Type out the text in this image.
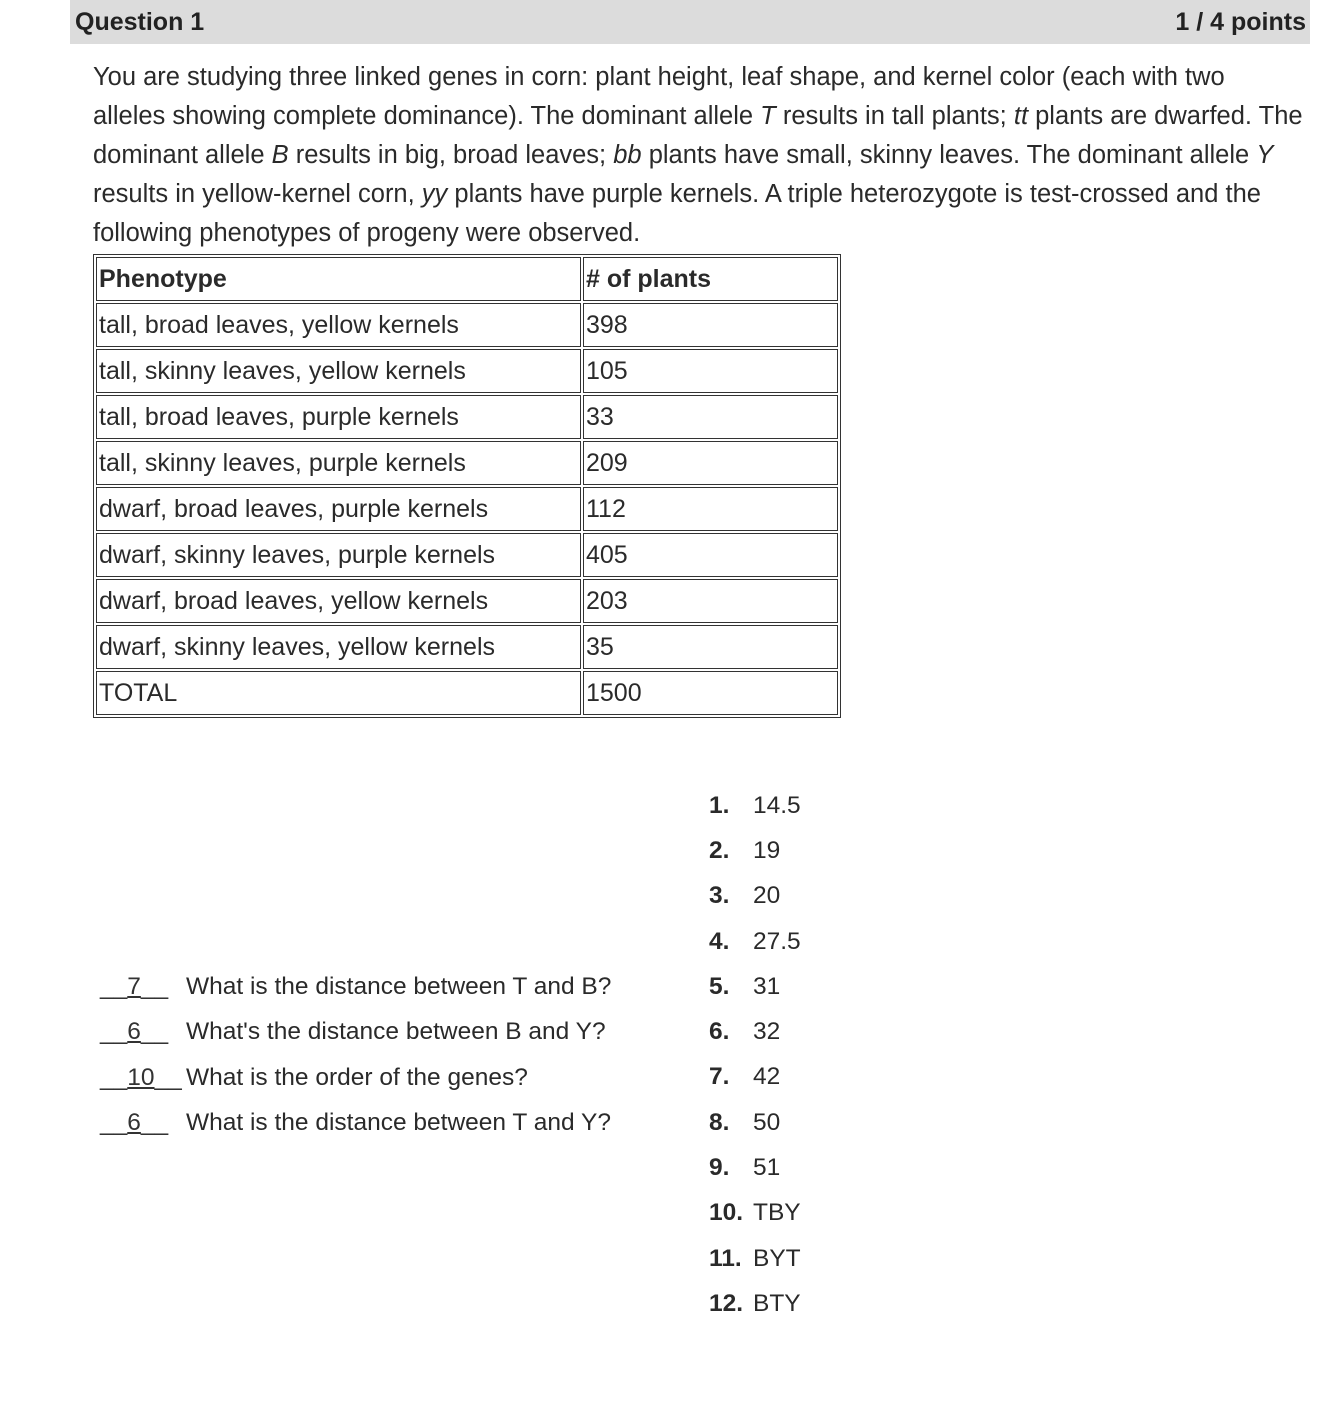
Question 1	1 / 4 points
You are studying three linked genes in corn: plant height, leaf shape, and kernel color (each with two alleles showing complete dominance). The dominant allele T results in tall plants; tt plants are dwarfed. The dominant allele B results in big, broad leaves; bb plants have small, skinny leaves. The dominant allele Y results in yellow-kernel corn, yy plants have purple kernels. A triple heterozygote is test-crossed and the following phenotypes of progeny were observed.
Phenotype	# of plants
tall, broad leaves, yellow kernels	398
tall, skinny leaves, yellow kernels	105
tall, broad leaves, purple kernels	33
tall, skinny leaves, purple kernels	209
dwarf, broad leaves, purple kernels	112
dwarf, skinny leaves, purple kernels	405
dwarf, broad leaves, yellow kernels	203
dwarf, skinny leaves, yellow kernels	35
TOTAL	1500
__7__ What is the distance between T and B?
__6__ What's the distance between B and Y?
__10__ What is the order of the genes?
__6__ What is the distance between T and Y?
1. 14.5
2. 19
3. 20
4. 27.5
5. 31
6. 32
7. 42
8. 50
9. 51
10. TBY
11. BYT
12. BTY
